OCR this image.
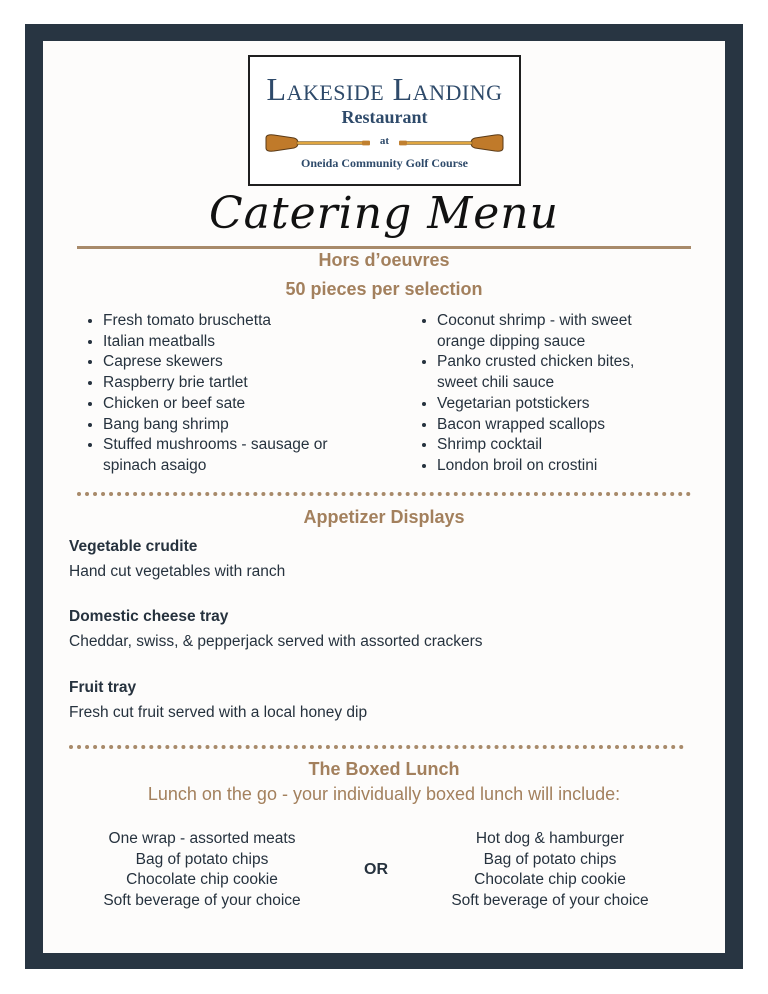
Lakeside Landing
Restaurant
at
Oneida Community Golf Course
Catering Menu
Hors d’oeuvres
50 pieces per selection
• Fresh tomato bruschetta
• Italian meatballs
• Caprese skewers
• Raspberry brie tartlet
• Chicken or beef sate
• Bang bang shrimp
• Stuffed mushrooms - sausage or spinach asaigo
• Coconut shrimp - with sweet orange dipping sauce
• Panko crusted chicken bites, sweet chili sauce
• Vegetarian potstickers
• Bacon wrapped scallops
• Shrimp cocktail
• London broil on crostini
Appetizer Displays
Vegetable crudite
Hand cut vegetables with ranch
Domestic cheese tray
Cheddar, swiss, & pepperjack served with assorted crackers
Fruit tray
Fresh cut fruit served with a local honey dip
The Boxed Lunch
Lunch on the go - your individually boxed lunch will include:
One wrap - assorted meats
Bag of potato chips
Chocolate chip cookie
Soft beverage of your choice
OR
Hot dog & hamburger
Bag of potato chips
Chocolate chip cookie
Soft beverage of your choice
